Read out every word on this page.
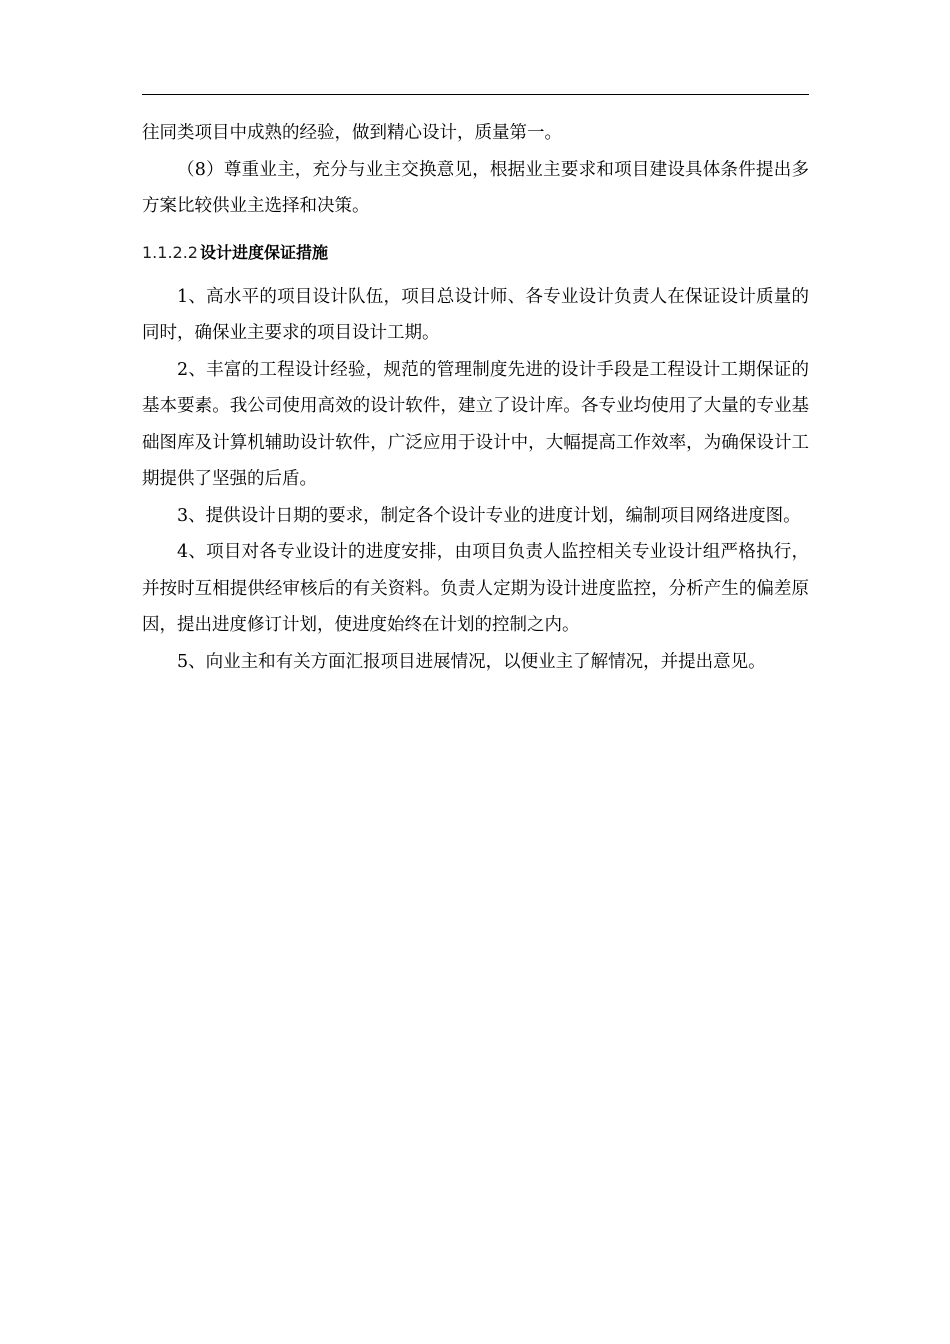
往同类项目中成熟的经验，做到精心设计，质量第一。

（8）尊重业主，充分与业主交换意见，根据业主要求和项目建设具体条件提出多方案比较供业主选择和决策。

1.1.2.2 设计进度保证措施

1、高水平的项目设计队伍，项目总设计师、各专业设计负责人在保证设计质量的同时，确保业主要求的项目设计工期。

2、丰富的工程设计经验，规范的管理制度先进的设计手段是工程设计工期保证的基本要素。我公司使用高效的设计软件，建立了设计库。各专业均使用了大量的专业基础图库及计算机辅助设计软件，广泛应用于设计中，大幅提高工作效率，为确保设计工期提供了坚强的后盾。

3、提供设计日期的要求，制定各个设计专业的进度计划，编制项目网络进度图。

4、项目对各专业设计的进度安排，由项目负责人监控相关专业设计组严格执行，并按时互相提供经审核后的有关资料。负责人定期为设计进度监控，分析产生的偏差原因，提出进度修订计划，使进度始终在计划的控制之内。

5、向业主和有关方面汇报项目进展情况，以便业主了解情况，并提出意见。
